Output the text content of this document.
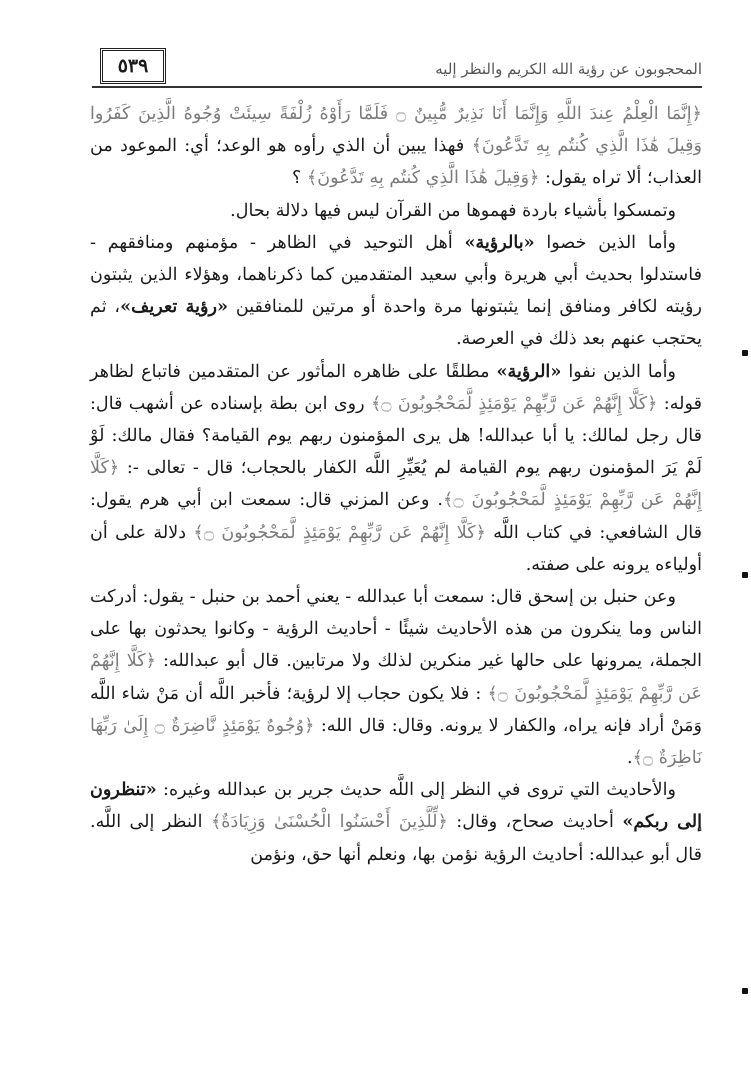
٥٣٩	المحجوبون عن رؤية الله الكريم والنظر إليه

﴿إِنَّمَا الْعِلْمُ عِندَ اللَّهِ وَإِنَّمَا أَنَا نَذِيرٌ مُّبِينٌ ۝ فَلَمَّا رَأَوْهُ زُلْفَةً سِيئَتْ وُجُوهُ الَّذِينَ كَفَرُوا وَقِيلَ هَٰذَا الَّذِي كُنتُم بِهِ تَدَّعُونَ﴾ فهذا يبين أن الذي رأوه هو الوعد؛ أي: الموعود من العذاب؛ ألا تراه يقول: ﴿وَقِيلَ هَٰذَا الَّذِي كُنتُم بِهِ تَدَّعُونَ﴾ ؟

وتمسكوا بأشياء باردة فهموها من القرآن ليس فيها دلالة بحال.

وأما الذين خصوا «بالرؤية» أهل التوحيد في الظاهر - مؤمنهم ومنافقهم - فاستدلوا بحديث أبي هريرة وأبي سعيد المتقدمين كما ذكرناهما، وهؤلاء الذين يثبتون رؤيته لكافر ومنافق إنما يثبتونها مرة واحدة أو مرتين للمنافقين «رؤية تعريف»، ثم يحتجب عنهم بعد ذلك في العرصة.

وأما الذين نفوا «الرؤية» مطلقًا على ظاهره المأثور عن المتقدمين فاتباع لظاهر قوله: ﴿كَلَّا إِنَّهُمْ عَن رَّبِّهِمْ يَوْمَئِذٍ لَّمَحْجُوبُونَ ۝﴾ روى ابن بطة بإسناده عن أشهب قال: قال رجل لمالك: يا أبا عبدالله! هل يرى المؤمنون ربهم يوم القيامة؟ فقال مالك: لَوْ لَمْ يَرَ المؤمنون ربهم يوم القيامة لم يُعَيِّرِ اللَّه الكفار بالحجاب؛ قال - تعالى -: ﴿كَلَّا إِنَّهُمْ عَن رَّبِّهِمْ يَوْمَئِذٍ لَّمَحْجُوبُونَ ۝﴾. وعن المزني قال: سمعت ابن أبي هرم يقول: قال الشافعي: في كتاب اللَّه ﴿كَلَّا إِنَّهُمْ عَن رَّبِّهِمْ يَوْمَئِذٍ لَّمَحْجُوبُونَ ۝﴾ دلالة على أن أولياءه يرونه على صفته.

وعن حنبل بن إسحق قال: سمعت أبا عبدالله - يعني أحمد بن حنبل - يقول: أدركت الناس وما ينكرون من هذه الأحاديث شيئًا - أحاديث الرؤية - وكانوا يحدثون بها على الجملة، يمرونها على حالها غير منكرين لذلك ولا مرتابين. قال أبو عبدالله: ﴿كَلَّا إِنَّهُمْ عَن رَّبِّهِمْ يَوْمَئِذٍ لَّمَحْجُوبُونَ ۝﴾ : فلا يكون حجاب إلا لرؤية؛ فأخبر اللَّه أن مَنْ شاء اللَّه وَمَنْ أراد فإنه يراه، والكفار لا يرونه. وقال: قال الله: ﴿وُجُوهٌ يَوْمَئِذٍ نَّاضِرَةٌ ۝ إِلَىٰ رَبِّهَا نَاظِرَةٌ ۝﴾.

والأحاديث التي تروى في النظر إلى اللَّه حديث جرير بن عبدالله وغيره: «تنظرون إلى ربكم» أحاديث صحاح، وقال: ﴿لِّلَّذِينَ أَحْسَنُوا الْحُسْنَىٰ وَزِيَادَةٌ﴾ النظر إلى اللَّه. قال أبو عبدالله: أحاديث الرؤية نؤمن بها، ونعلم أنها حق، ونؤمن
